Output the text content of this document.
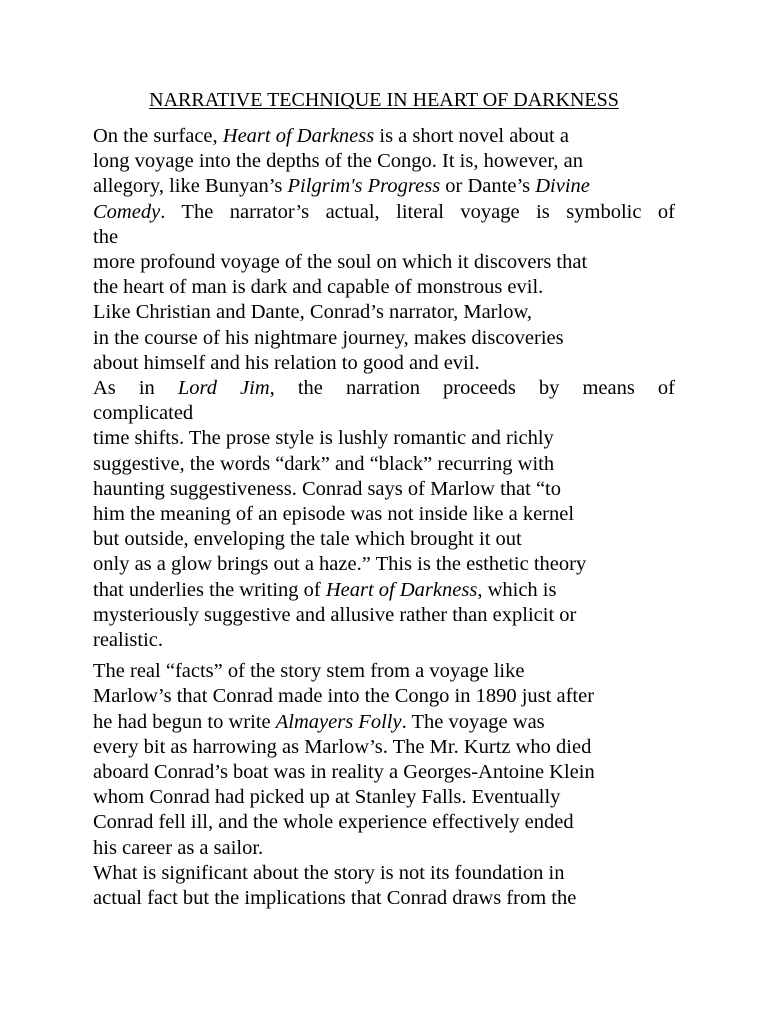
NARRATIVE TECHNIQUE IN HEART OF DARKNESS
On the surface, Heart of Darkness is a short novel about a
long voyage into the depths of the Congo. It is, however, an
allegory, like Bunyan’s Pilgrim's Progress or Dante’s Divine
Comedy. The narrator’s actual, literal voyage is symbolic of
the
more profound voyage of the soul on which it discovers that
the heart of man is dark and capable of monstrous evil.
Like Christian and Dante, Conrad’s narrator, Marlow,
in the course of his nightmare journey, makes discoveries
about himself and his relation to good and evil.
As in Lord Jim, the narration proceeds by means of
complicated
time shifts. The prose style is lushly romantic and richly
suggestive, the words “dark” and “black” recurring with
haunting suggestiveness. Conrad says of Marlow that “to
him the meaning of an episode was not inside like a kernel
but outside, enveloping the tale which brought it out
only as a glow brings out a haze.” This is the esthetic theory
that underlies the writing of Heart of Darkness, which is
mysteriously suggestive and allusive rather than explicit or
realistic.
The real “facts” of the story stem from a voyage like
Marlow’s that Conrad made into the Congo in 1890 just after
he had begun to write Almayers Folly. The voyage was
every bit as harrowing as Marlow’s. The Mr. Kurtz who died
aboard Conrad’s boat was in reality a Georges-Antoine Klein
whom Conrad had picked up at Stanley Falls. Eventually
Conrad fell ill, and the whole experience effectively ended
his career as a sailor.
What is significant about the story is not its foundation in
actual fact but the implications that Conrad draws from the
